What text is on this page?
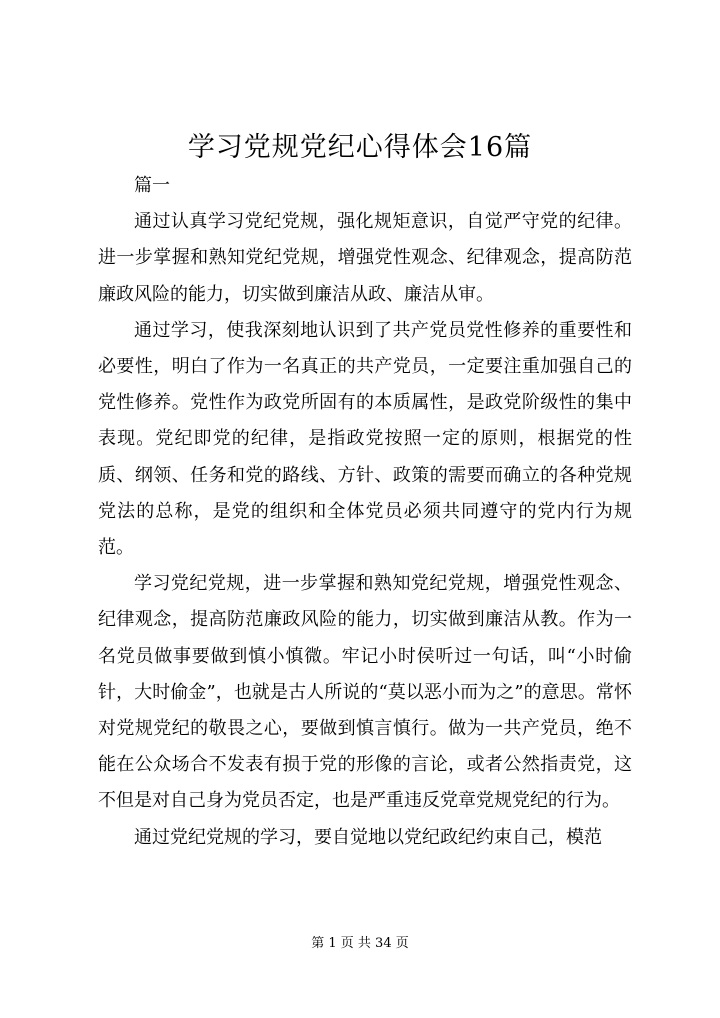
学习党规党纪心得体会16篇

篇一

通过认真学习党纪党规，强化规矩意识，自觉严守党的纪律。进一步掌握和熟知党纪党规，增强党性观念、纪律观念，提高防范廉政风险的能力，切实做到廉洁从政、廉洁从审。

通过学习，使我深刻地认识到了共产党员党性修养的重要性和必要性，明白了作为一名真正的共产党员，一定要注重加强自己的党性修养。党性作为政党所固有的本质属性，是政党阶级性的集中表现。党纪即党的纪律，是指政党按照一定的原则，根据党的性质、纲领、任务和党的路线、方针、政策的需要而确立的各种党规党法的总称，是党的组织和全体党员必须共同遵守的党内行为规范。

学习党纪党规，进一步掌握和熟知党纪党规，增强党性观念、纪律观念，提高防范廉政风险的能力，切实做到廉洁从教。作为一名党员做事要做到慎小慎微。牢记小时侯听过一句话，叫“小时偷针，大时偷金”，也就是古人所说的“莫以恶小而为之”的意思。常怀对党规党纪的敬畏之心，要做到慎言慎行。做为一共产党员，绝不能在公众场合不发表有损于党的形像的言论，或者公然指责党，这不但是对自己身为党员否定，也是严重违反党章党规党纪的行为。

通过党纪党规的学习，要自觉地以党纪政纪约束自己，模范

第 1 页 共 34 页
